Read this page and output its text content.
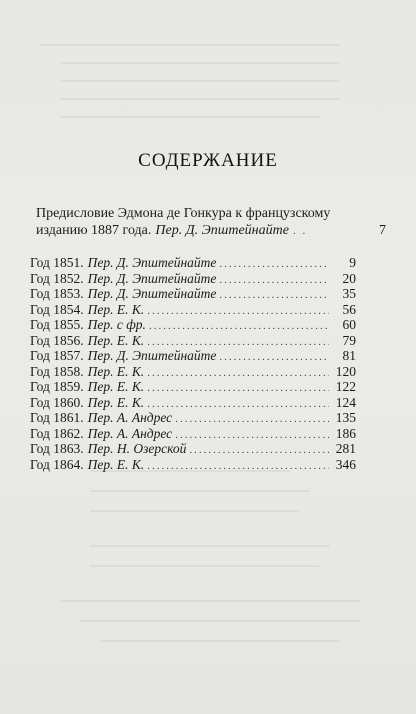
СОДЕРЖАНИЕ
Предисловие Эдмона де Гонкура к французскому
изданию 1887 года. Пер. Д. Эпштейнайте . .	7
Год 1851. Пер. Д. Эпштейнайте .....	9
Год 1852. Пер. Д. Эпштейнайте .....	20
Год 1853. Пер. Д. Эпштейнайте .....	35
Год 1854. Пер. Е. К. .....	56
Год 1855. Пер. с фр. .....	60
Год 1856. Пер. Е. К. .....	79
Год 1857. Пер. Д. Эпштейнайте .....	81
Год 1858. Пер. Е. К. .....	120
Год 1859. Пер. Е. К. .....	122
Год 1860. Пер. Е. К. .....	124
Год 1861. Пер. А. Андрес .....	135
Год 1862. Пер. А. Андрес .....	186
Год 1863. Пер. Н. Озерской .....	281
Год 1864. Пер. Е. К. .....	346
